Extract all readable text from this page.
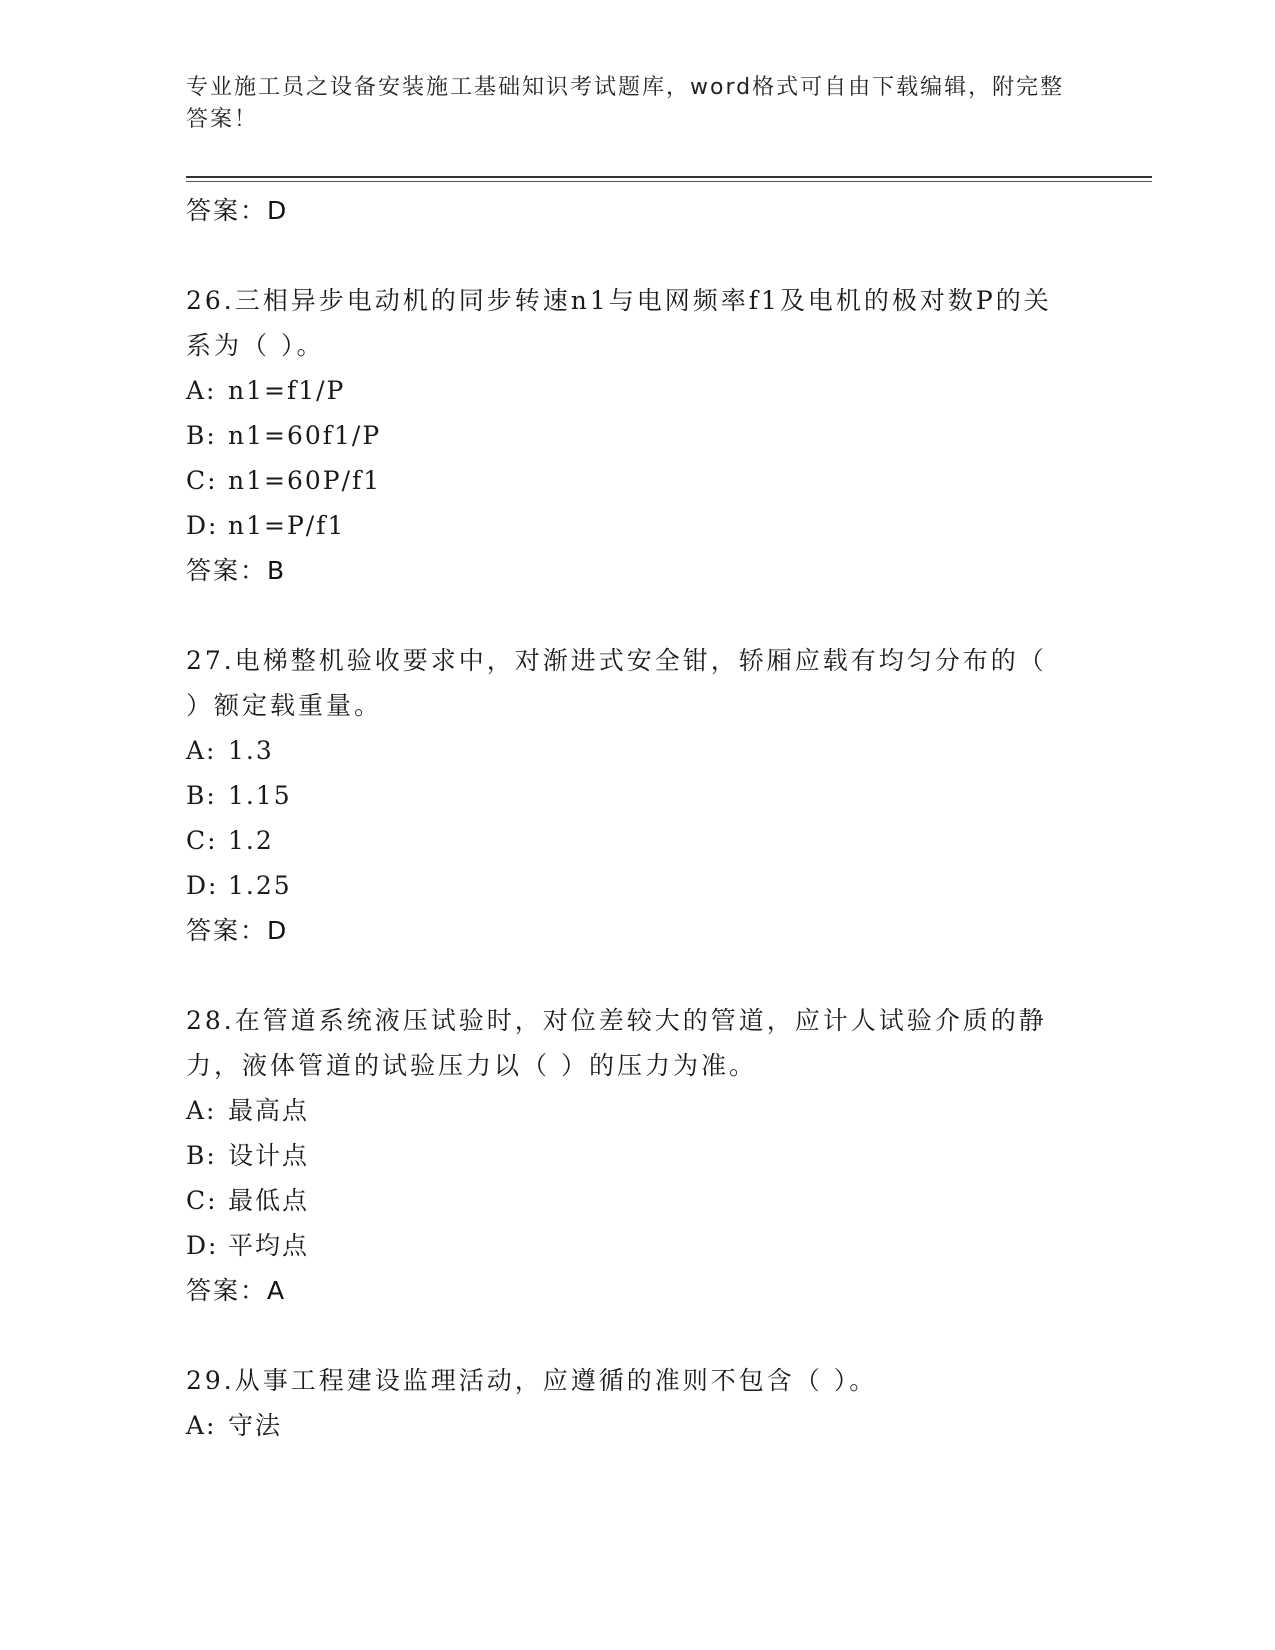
专业施工员之设备安装施工基础知识考试题库，word格式可自由下载编辑，附完整答案！
答案：D
26.三相异步电动机的同步转速n1与电网频率f1及电机的极对数P的关系为（ ）。
A: n1=f1/P
B: n1=60f1/P
C: n1=60P/f1
D: n1=P/f1
答案：B
27.电梯整机验收要求中，对渐进式安全钳，轿厢应载有均匀分布的（ ）额定载重量。
A: 1.3
B: 1.15
C: 1.2
D: 1.25
答案：D
28.在管道系统液压试验时，对位差较大的管道，应计人试验介质的静力，液体管道的试验压力以（ ）的压力为准。
A: 最高点
B: 设计点
C: 最低点
D: 平均点
答案：A
29.从事工程建设监理活动，应遵循的准则不包含（ ）。
A: 守法
